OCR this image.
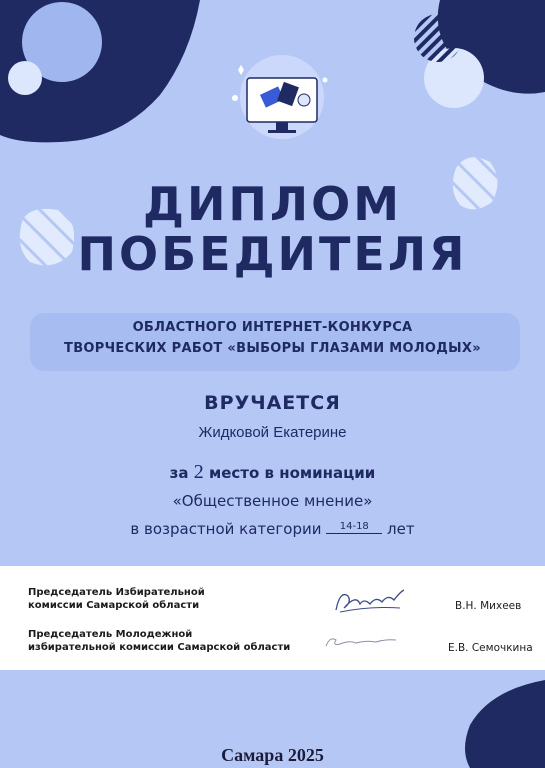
ДИПЛОМ
ПОБЕДИТЕЛЯ
ОБЛАСТНОГО ИНТЕРНЕТ-КОНКУРСА
ТВОРЧЕСКИХ РАБОТ «ВЫБОРЫ ГЛАЗАМИ МОЛОДЫХ»
ВРУЧАЕТСЯ
Жидковой Екатерине
за 2 место в номинации
«Общественное мнение»
в возрастной категории 14-18 лет
Председатель Избирательной
комиссии Самарской области	В.Н. Михеев
Председатель Молодежной
избирательной комиссии Самарской области	Е.В. Семочкина
Самара 2025
